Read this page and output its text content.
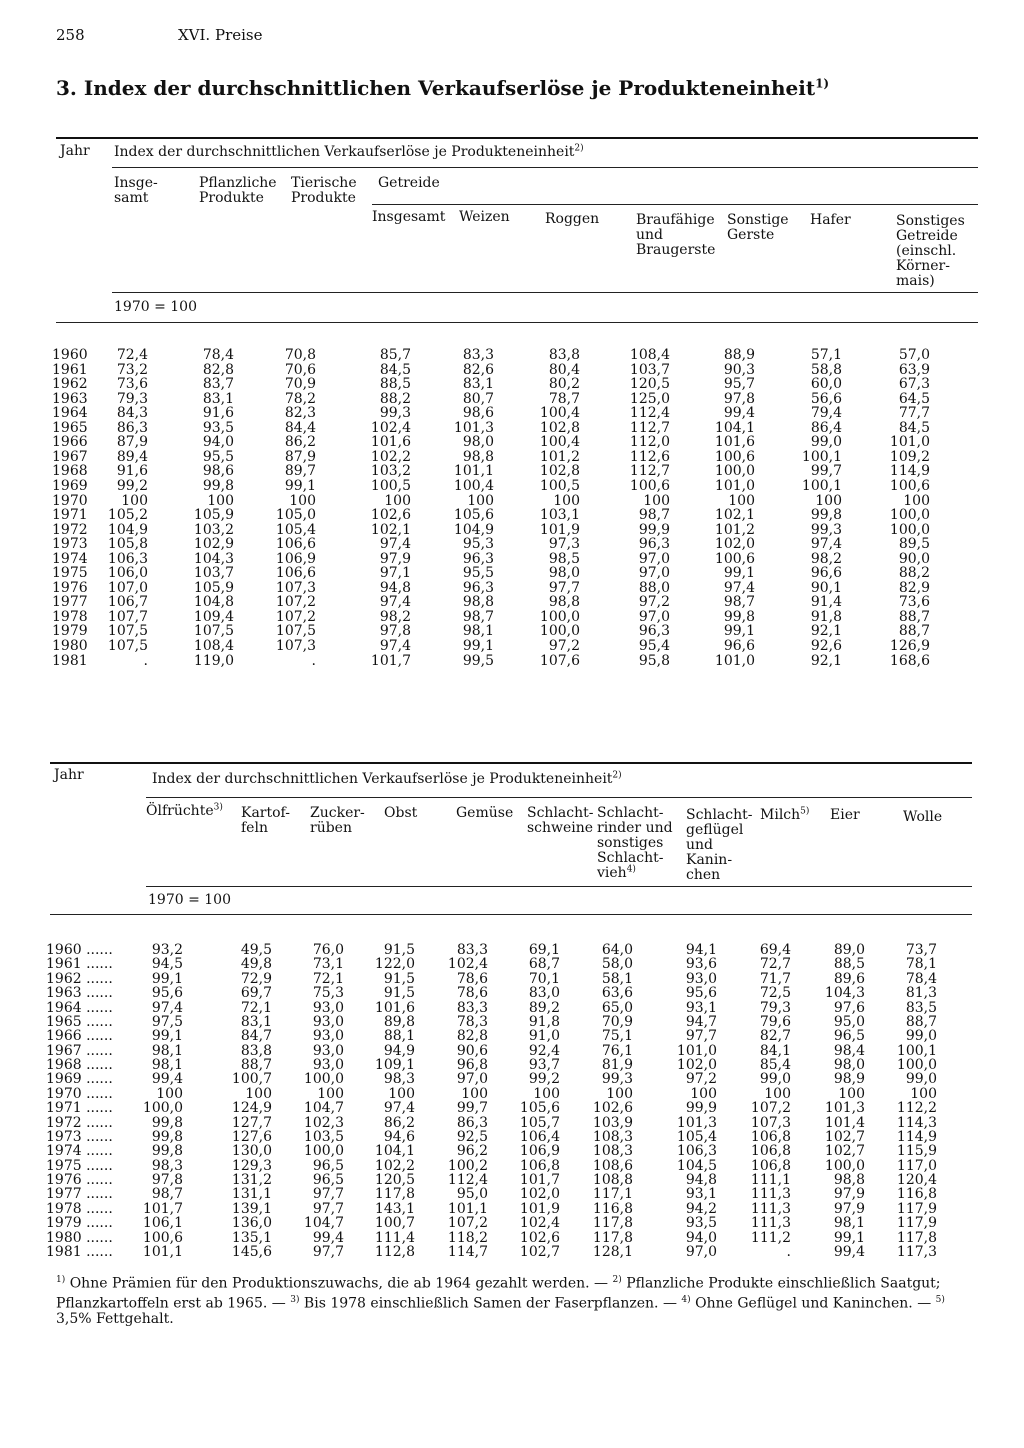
258	XVI. Preise
3. Index der durchschnittlichen Verkaufserlöse je Produkteneinheit$^{1)}$
Jahr Index der durchschnittlichen Verkaufserlöse je Produkteneinheit$^{2)}$
Insge-
samt
Pflanzliche
Produkte
Tierische
Produkte
Getreide
Insgesamt Weizen	Roggen	Braufähige
und
Braugerste
Sonstige
Gerste
Hafer	Sonstiges
Getreide
(einschl.
Körner-
mais)
1970 = 100
1960 72,4	78,4	70,8	85,7	83,3	83,8	108,4	88,9	57,1	57,0
1961 73,2	82,8	70,6	84,5	82,6	80,4	103,7	90,3	58,8	63,9
1962 73,6	83,7	70,9	88,5	83,1	80,2	120,5	95,7	60,0	67,3
1963 79,3	83,1	78,2	88,2	80,7	78,7	125,0	97,8	56,6	64,5
1964 84,3	91,6	82,3	99,3	98,6	100,4	112,4	99,4	79,4	77,7
1965 86,3	93,5	84,4	102,4	101,3	102,8	112,7	104,1	86,4	84,5
1966 87,9	94,0	86,2	101,6	98,0	100,4	112,0	101,6	99,0	101,0
1967 89,4	95,5	87,9	102,2	98,8	101,2	112,6	100,6	100,1	109,2
1968 91,6	98,6	89,7	103,2	101,1	102,8	112,7	100,0	99,7	114,9
1969 99,2	99,8	99,1	100,5	100,4	100,5	100,6	101,0	100,1	100,6
1970 100	100	100	100	100	100	100	100	100	100
1971 105,2	105,9	105,0	102,6	105,6	103,1	98,7	102,1	99,8	100,0
1972 104,9	103,2	105,4	102,1	104,9	101,9	99,9	101,2	99,3	100,0
1973 105,8	102,9	106,6	97,4	95,3	97,3	96,3	102,0	97,4	89,5
1974 106,3	104,3	106,9	97,9	96,3	98,5	97,0	100,6	98,2	90,0
1975 106,0	103,7	106,6	97,1	95,5	98,0	97,0	99,1	96,6	88,2
1976 107,0	105,9	107,3	94,8	96,3	97,7	88,0	97,4	90,1	82,9
1977 106,7	104,8	107,2	97,4	98,8	98,8	97,2	98,7	91,4	73,6
1978 107,7	109,4	107,2	98,2	98,7	100,0	97,0	99,8	91,8	88,7
1979 107,5	107,5	107,5	97,8	98,1	100,0	96,3	99,1	92,1	88,7
1980 107,5	108,4	107,3	97,4	99,1	97,2	95,4	96,6	92,6	126,9
1981	.	119,0	.	101,7	99,5	107,6	95,8	101,0	92,1	168,6
Jahr	Index der durchschnittlichen Verkaufserlöse je Produkteneinheit$^{2)}$
Ölfrüchte$^{3)}$ Kartof-
feln
Zucker-
rüben
Obst	Gemüse Schlacht-
schweine
Schlacht-
rinder und
sonstiges
Schlacht-
vieh$^{4)}$
Schlacht-
geflügel
und
Kanin-
chen
Milch$^{5)}$ Eier	Wolle
1970 = 100
1960 ......	93,2	49,5	76,0	91,5	83,3	69,1	64,0	94,1	69,4	89,0	73,7
1961 ......	94,5	49,8	73,1 122,0 102,4	68,7	58,0	93,6	72,7	88,5	78,1
1962 ......	99,1	72,9	72,1	91,5	78,6	70,1	58,1	93,0	71,7	89,6	78,4
1963 ......	95,6	69,7	75,3	91,5	78,6	83,0	63,6	95,6	72,5 104,3	81,3
1964 ......	97,4	72,1	93,0 101,6	83,3	89,2	65,0	93,1	79,3	97,6	83,5
1965 ......	97,5	83,1	93,0	89,8	78,3	91,8	70,9	94,7	79,6	95,0	88,7
1966 ......	99,1	84,7	93,0	88,1	82,8	91,0	75,1	97,7	82,7	96,5	99,0
1967 ......	98,1	83,8	93,0	94,9	90,6	92,4	76,1	101,0	84,1	98,4 100,1
1968 ......	98,1	88,7	93,0 109,1	96,8	93,7	81,9	102,0	85,4	98,0 100,0
1969 ......	99,4	100,7 100,0	98,3	97,0	99,2	99,3	97,2	99,0	98,9	99,0
1970 ......	100	100	100	100	100	100	100	100	100	100	100
1971 ...... 100,0	124,9 104,7	97,4	99,7 105,6 102,6	99,9 107,2 101,3 112,2
1972 ......	99,8	127,7 102,3	86,2	86,3 105,7 103,9	101,3 107,3 101,4 114,3
1973 ......	99,8	127,6 103,5	94,6	92,5 106,4 108,3	105,4 106,8 102,7 114,9
1974 ......	99,8	130,0 100,0 104,1	96,2 106,9 108,3	106,3 106,8 102,7 115,9
1975 ......	98,3	129,3	96,5 102,2 100,2 106,8 108,6	104,5 106,8 100,0 117,0
1976 ......	97,8	131,2	96,5 120,5 112,4 101,7 108,8	94,8 111,1	98,8 120,4
1977 ......	98,7	131,1	97,7 117,8	95,0 102,0 117,1	93,1 111,3	97,9 116,8
1978 ...... 101,7	139,1	97,7 143,1 101,1 101,9 116,8	94,2 111,3	97,9 117,9
1979 ...... 106,1	136,0 104,7 100,7 107,2 102,4 117,8	93,5 111,3	98,1 117,9
1980 ...... 100,6	135,1	99,4 111,4 118,2 102,6 117,8	94,0 111,2	99,1 117,8
1981 ...... 101,1	145,6	97,7 112,8 114,7 102,7 128,1	97,0	.	99,4 117,3
$^{1)}$ Ohne Prämien für den Produktionszuwachs, die ab 1964 gezahlt werden. — $^{2)}$ Pflanzliche Produkte einschließlich Saatgut; Pflanzkartoffeln erst ab 1965. — $^{3)}$ Bis 1978 einschließlich Samen der Faserpflanzen. — $^{4)}$ Ohne Geflügel und Kaninchen. — $^{5)}$ 3,5% Fettgehalt.
